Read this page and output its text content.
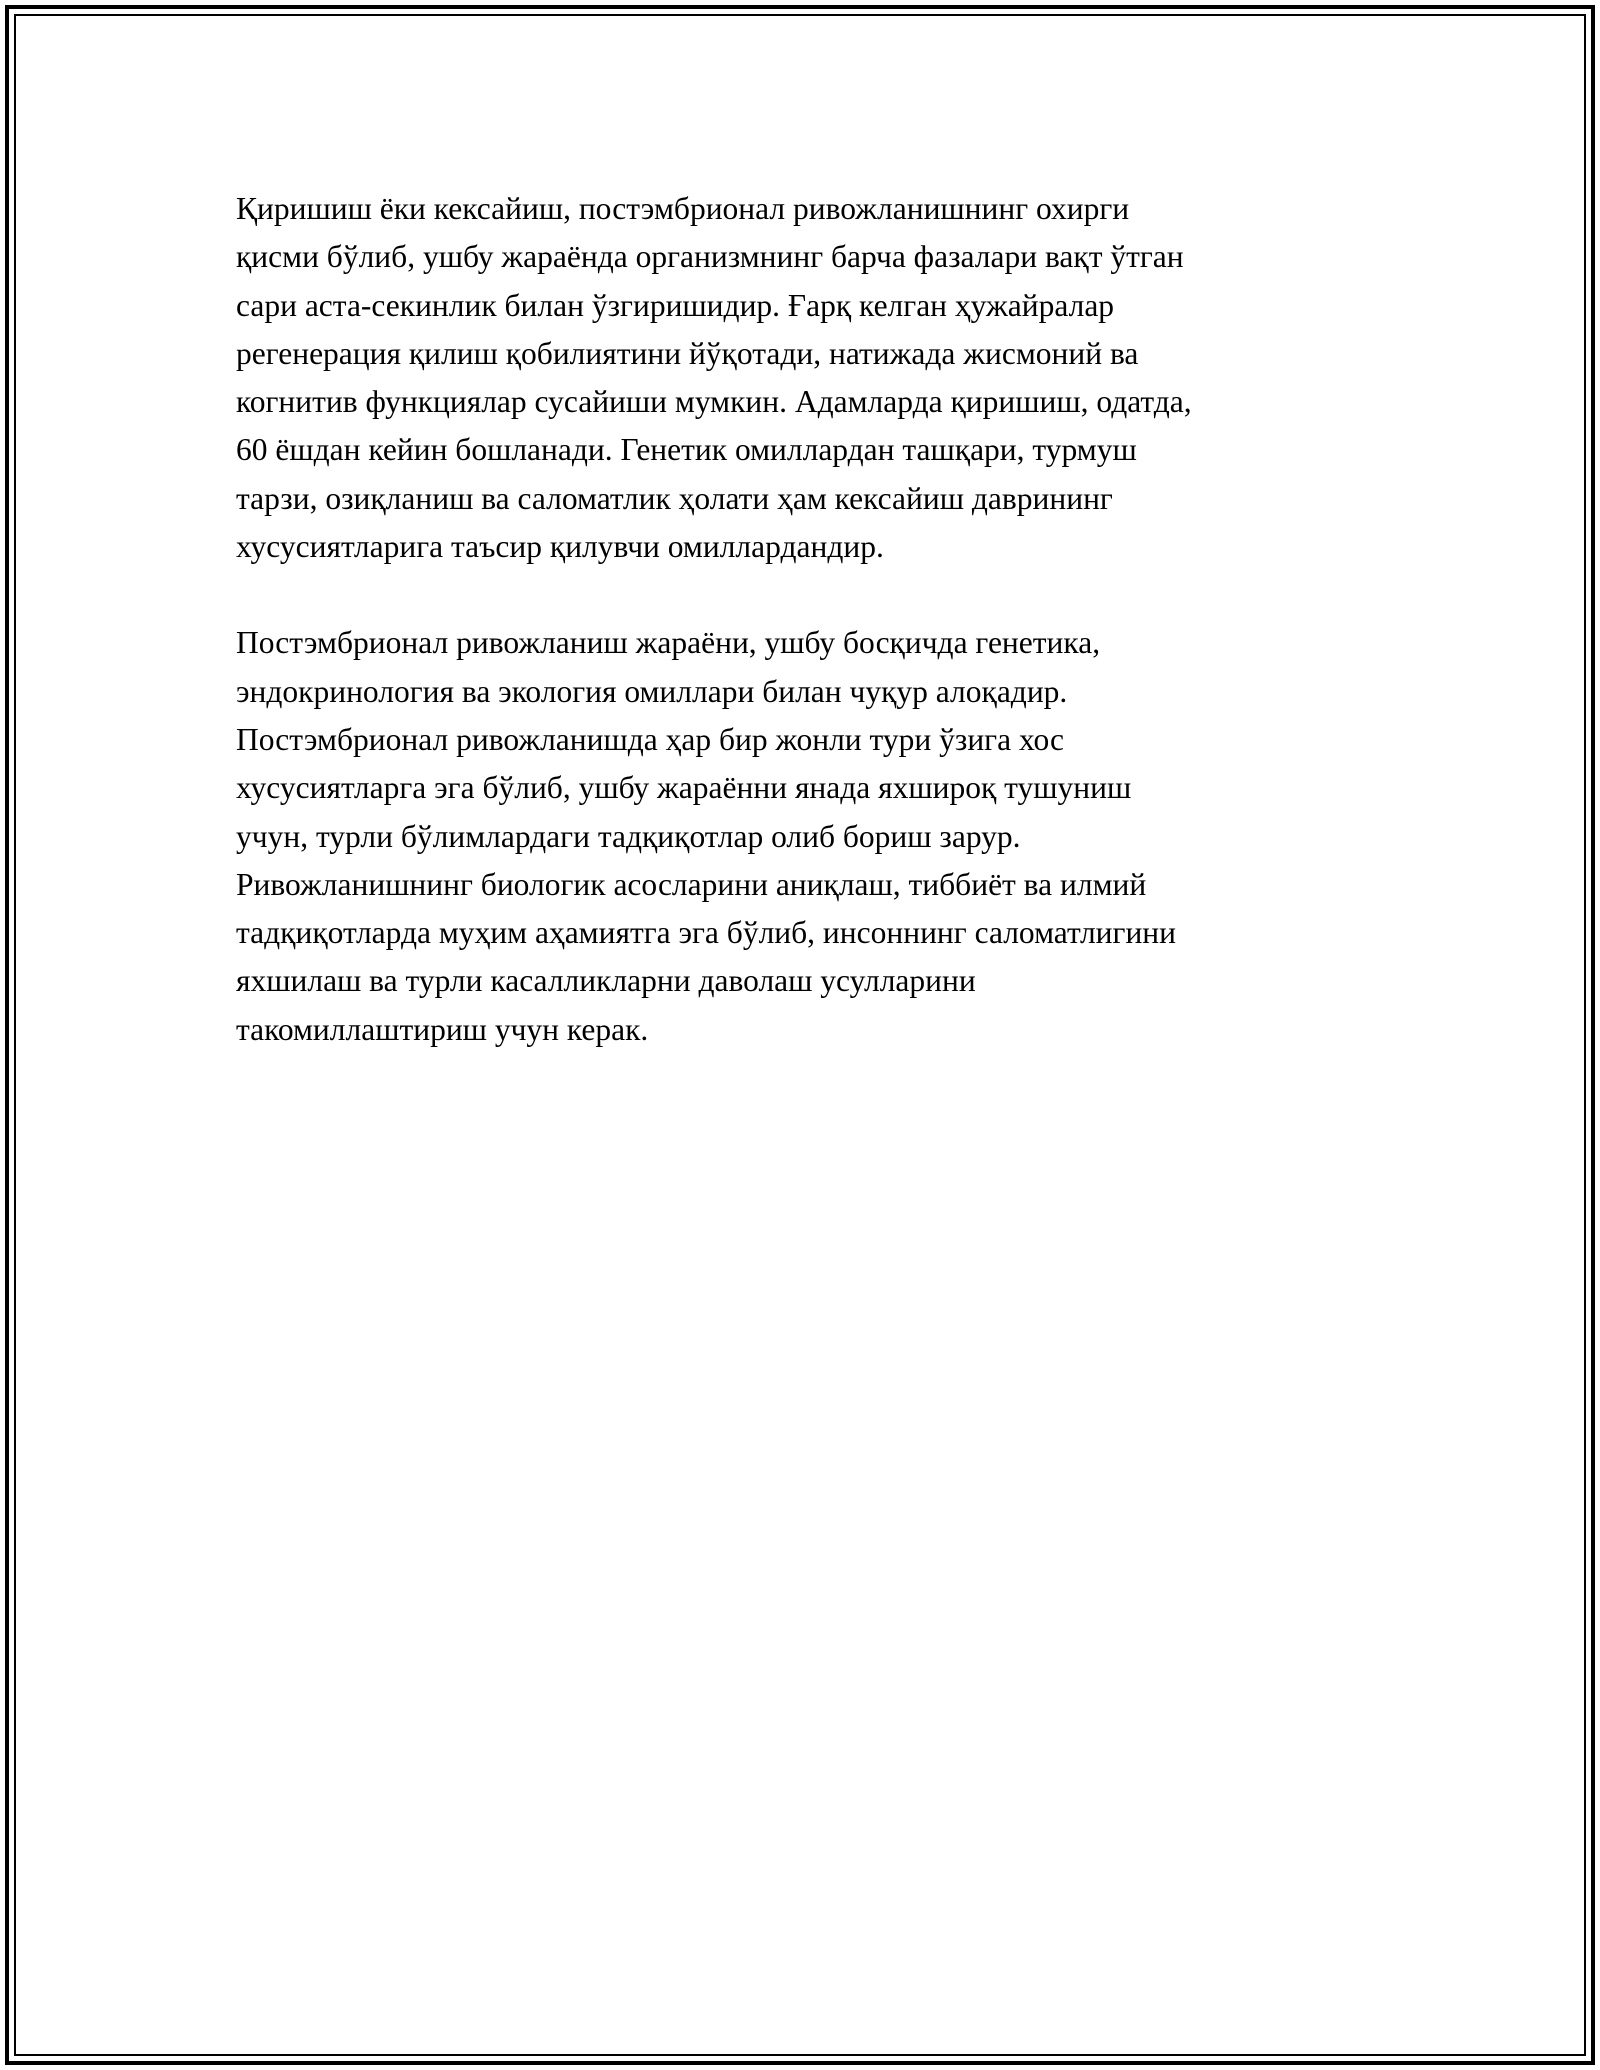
Қиришиш ёки кексайиш, постэмбрионал ривожланишнинг охирги
қисми бўлиб, ушбу жараёнда организмнинг барча фазалари вақт ўтган
сари аста-секинлик билан ўзгиришидир. Ғарқ келган ҳужайралар
регенерация қилиш қобилиятини йўқотади, натижада жисмоний ва
когнитив функциялар сусайиши мумкин. Адамларда қиришиш, одатда,
60 ёшдан кейин бошланади. Генетик омиллардан ташқари, турмуш
тарзи, озиқланиш ва саломатлик ҳолати ҳам кексайиш даврининг
хусусиятларига таъсир қилувчи омиллардандир.

Постэмбрионал ривожланиш жараёни, ушбу босқичда генетика,
эндокринология ва экология омиллари билан чуқур алоқадир.
Постэмбрионал ривожланишда ҳар бир жонли тури ўзига хос
хусусиятларга эга бўлиб, ушбу жараённи янада яхшироқ тушуниш
учун, турли бўлимлардаги тадқиқотлар олиб бориш зарур.
Ривожланишнинг биологик асосларини аниқлаш, тиббиёт ва илмий
тадқиқотларда муҳим аҳамиятга эга бўлиб, инсоннинг саломатлигини
яхшилаш ва турли касалликларни даволаш усулларини
такомиллаштириш учун керак.
